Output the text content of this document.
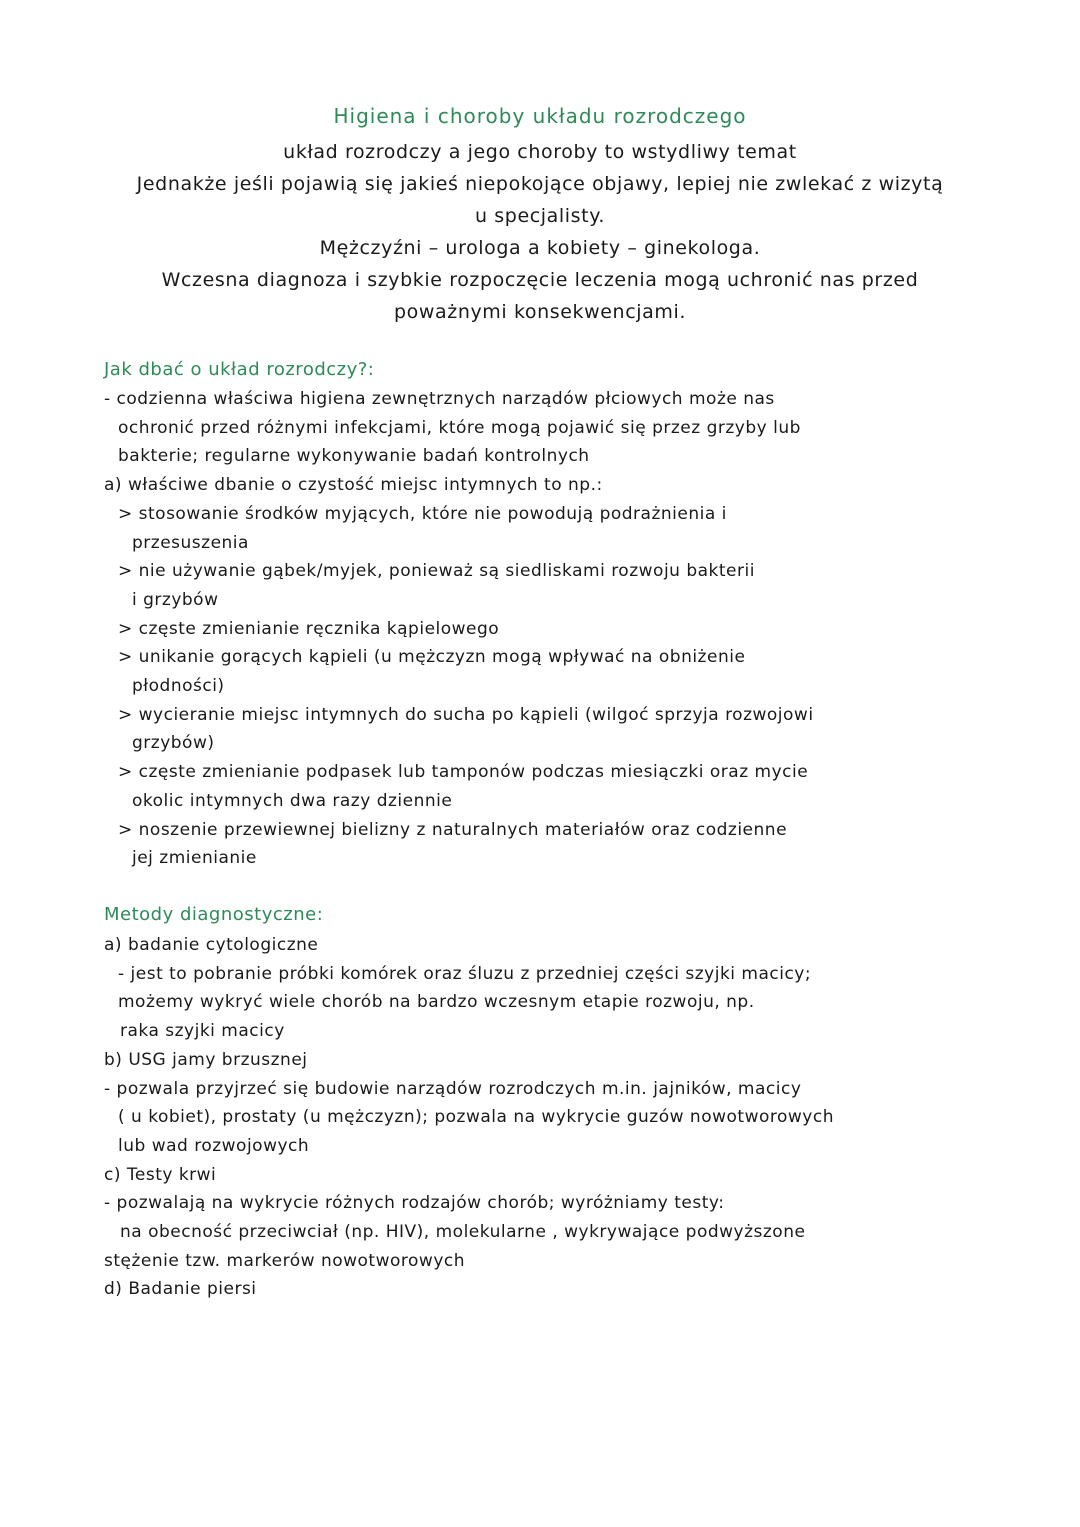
Higiena i choroby układu rozrodczego
układ rozrodczy a jego choroby to wstydliwy temat
Jednakże jeśli pojawią się jakieś niepokojące objawy, lepiej nie zwlekać z wizytą
u specjalisty.
Mężczyźni – urologa a kobiety – ginekologa.
Wczesna diagnoza i szybkie rozpoczęcie leczenia mogą uchronić nas przed
poważnymi konsekwencjami.
Jak dbać o układ rozrodczy?:
- codzienna właściwa higiena zewnętrznych narządów płciowych może nas
ochronić przed różnymi infekcjami, które mogą pojawić się przez grzyby lub
bakterie; regularne wykonywanie badań kontrolnych
a) właściwe dbanie o czystość miejsc intymnych to np.:
> stosowanie środków myjących, które nie powodują podrażnienia i
przesuszenia
> nie używanie gąbek/myjek, ponieważ są siedliskami rozwoju bakterii
i grzybów
> częste zmienianie ręcznika kąpielowego
> unikanie gorących kąpieli (u mężczyzn mogą wpływać na obniżenie
płodności)
> wycieranie miejsc intymnych do sucha po kąpieli (wilgoć sprzyja rozwojowi
grzybów)
> częste zmienianie podpasek lub tamponów podczas miesiączki oraz mycie
okolic intymnych dwa razy dziennie
> noszenie przewiewnej bielizny z naturalnych materiałów oraz codzienne
jej zmienianie
Metody diagnostyczne:
a) badanie cytologiczne
- jest to pobranie próbki komórek oraz śluzu z przedniej części szyjki macicy;
możemy wykryć wiele chorób na bardzo wczesnym etapie rozwoju, np.
raka szyjki macicy
b) USG jamy brzusznej
- pozwala przyjrzeć się budowie narządów rozrodczych m.in. jajników, macicy
( u kobiet), prostaty (u mężczyzn); pozwala na wykrycie guzów nowotworowych
lub wad rozwojowych
c) Testy krwi
- pozwalają na wykrycie różnych rodzajów chorób; wyróżniamy testy:
na obecność przeciwciał (np. HIV), molekularne , wykrywające podwyższone
stężenie tzw. markerów nowotworowych
d) Badanie piersi
